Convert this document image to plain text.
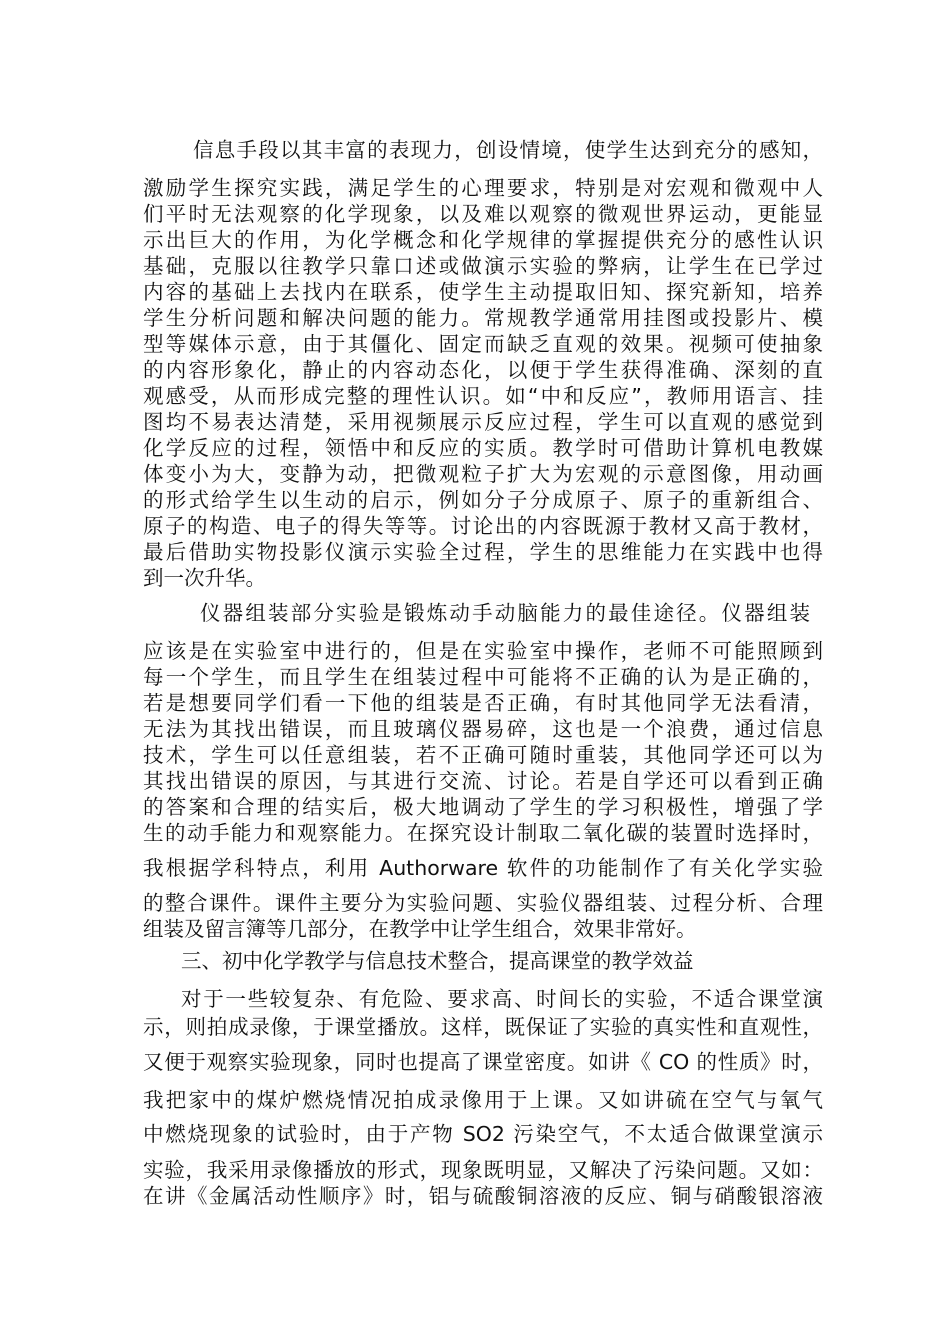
信息手段以其丰富的表现力，创设情境，使学生达到充分的感知，
激励学生探究实践，满足学生的心理要求，特别是对宏观和微观中人
们平时无法观察的化学现象，以及难以观察的微观世界运动，更能显
示出巨大的作用，为化学概念和化学规律的掌握提供充分的感性认识
基础，克服以往教学只靠口述或做演示实验的弊病，让学生在已学过
内容的基础上去找内在联系，使学生主动提取旧知、探究新知，培养
学生分析问题和解决问题的能力。常规教学通常用挂图或投影片、模
型等媒体示意，由于其僵化、固定而缺乏直观的效果。视频可使抽象
的内容形象化，静止的内容动态化，以便于学生获得准确、深刻的直
观感受，从而形成完整的理性认识。如“中和反应”，教师用语言、挂
图均不易表达清楚，采用视频展示反应过程，学生可以直观的感觉到
化学反应的过程，领悟中和反应的实质。教学时可借助计算机电教媒
体变小为大，变静为动，把微观粒子扩大为宏观的示意图像，用动画
的形式给学生以生动的启示，例如分子分成原子、原子的重新组合、
原子的构造、电子的得失等等。讨论出的内容既源于教材又高于教材，
最后借助实物投影仪演示实验全过程，学生的思维能力在实践中也得
到一次升华。
仪器组装部分实验是锻炼动手动脑能力的最佳途径。仪器组装
应该是在实验室中进行的，但是在实验室中操作，老师不可能照顾到
每一个学生，而且学生在组装过程中可能将不正确的认为是正确的，
若是想要同学们看一下他的组装是否正确，有时其他同学无法看清，
无法为其找出错误，而且玻璃仪器易碎，这也是一个浪费，通过信息
技术，学生可以任意组装，若不正确可随时重装，其他同学还可以为
其找出错误的原因，与其进行交流、讨论。若是自学还可以看到正确
的答案和合理的结实后，极大地调动了学生的学习积极性，增强了学
生的动手能力和观察能力。在探究设计制取二氧化碳的装置时选择时，
我根据学科特点，利用 Authorware 软件的功能制作了有关化学实验
的整合课件。课件主要分为实验问题、实验仪器组装、过程分析、合理
组装及留言簿等几部分，在教学中让学生组合，效果非常好。
三、初中化学教学与信息技术整合，提高课堂的教学效益
对于一些较复杂、有危险、要求高、时间长的实验，不适合课堂演
示，则拍成录像，于课堂播放。这样，既保证了实验的真实性和直观性，
又便于观察实验现象，同时也提高了课堂密度。如讲《 CO 的性质》时，
我把家中的煤炉燃烧情况拍成录像用于上课。又如讲硫在空气与氧气
中燃烧现象的试验时，由于产物 SO2 污染空气，不太适合做课堂演示
实验，我采用录像播放的形式，现象既明显，又解决了污染问题。又如：
在讲《金属活动性顺序》时，铝与硫酸铜溶液的反应、铜与硝酸银溶液
